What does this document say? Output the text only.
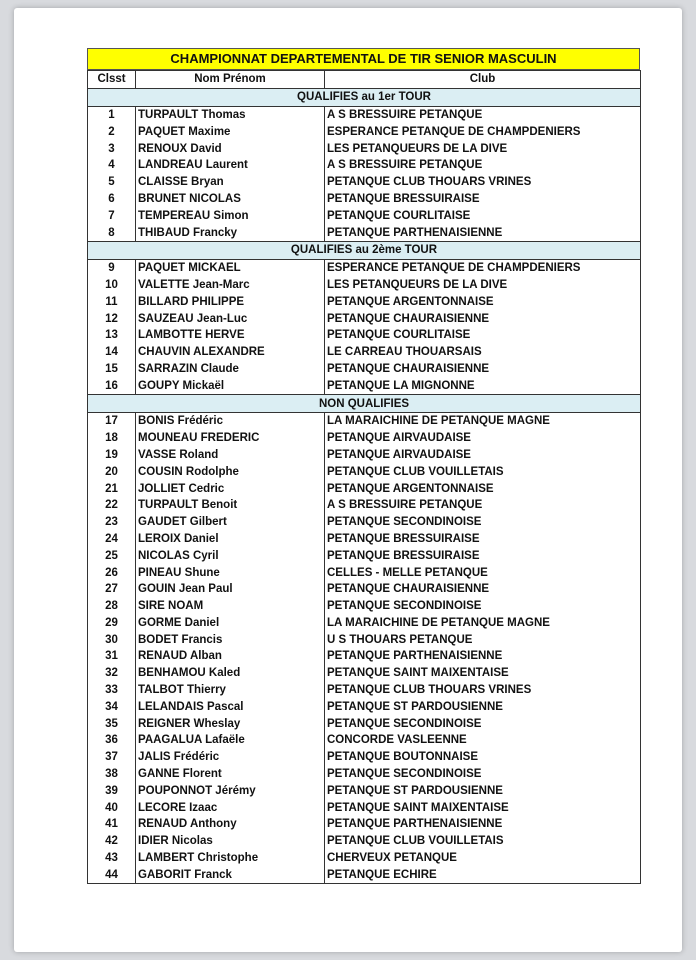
CHAMPIONNAT DEPARTEMENTAL DE TIR SENIOR MASCULIN
Clsst	Nom Prénom	Club
QUALIFIES au 1er TOUR		
1	TURPAULT Thomas	A S BRESSUIRE PETANQUE
2	PAQUET Maxime	ESPERANCE PETANQUE DE CHAMPDENIERS
3	RENOUX David	LES PETANQUEURS DE LA DIVE
4	LANDREAU Laurent	A S BRESSUIRE PETANQUE
5	CLAISSE Bryan	PETANQUE CLUB THOUARS VRINES
6	BRUNET NICOLAS	PETANQUE BRESSUIRAISE
7	TEMPEREAU Simon	PETANQUE COURLITAISE
8	THIBAUD Francky	PETANQUE PARTHENAISIENNE
QUALIFIES au 2ème TOUR		
9	PAQUET MICKAEL	ESPERANCE PETANQUE DE CHAMPDENIERS
10	VALETTE Jean-Marc	LES PETANQUEURS DE LA DIVE
11	BILLARD PHILIPPE	PETANQUE ARGENTONNAISE
12	SAUZEAU Jean-Luc	PETANQUE CHAURAISIENNE
13	LAMBOTTE HERVE	PETANQUE COURLITAISE
14	CHAUVIN ALEXANDRE	LE CARREAU THOUARSAIS
15	SARRAZIN Claude	PETANQUE CHAURAISIENNE
16	GOUPY Mickaël	PETANQUE LA MIGNONNE
NON QUALIFIES		
17	BONIS Frédéric	LA MARAICHINE DE PETANQUE MAGNE
18	MOUNEAU FREDERIC	PETANQUE AIRVAUDAISE
19	VASSE Roland	PETANQUE AIRVAUDAISE
20	COUSIN Rodolphe	PETANQUE CLUB VOUILLETAIS
21	JOLLIET Cedric	PETANQUE ARGENTONNAISE
22	TURPAULT Benoit	A S BRESSUIRE PETANQUE
23	GAUDET Gilbert	PETANQUE SECONDINOISE
24	LEROIX Daniel	PETANQUE BRESSUIRAISE
25	NICOLAS Cyril	PETANQUE BRESSUIRAISE
26	PINEAU Shune	CELLES - MELLE PETANQUE
27	GOUIN Jean Paul	PETANQUE CHAURAISIENNE
28	SIRE NOAM	PETANQUE SECONDINOISE
29	GORME Daniel	LA MARAICHINE DE PETANQUE MAGNE
30	BODET Francis	U S THOUARS PETANQUE
31	RENAUD Alban	PETANQUE PARTHENAISIENNE
32	BENHAMOU Kaled	PETANQUE SAINT MAIXENTAISE
33	TALBOT Thierry	PETANQUE CLUB THOUARS VRINES
34	LELANDAIS Pascal	PETANQUE ST PARDOUSIENNE
35	REIGNER Wheslay	PETANQUE SECONDINOISE
36	PAAGALUA Lafaële	CONCORDE VASLEENNE
37	JALIS Frédéric	PETANQUE BOUTONNAISE
38	GANNE Florent	PETANQUE SECONDINOISE
39	POUPONNOT Jérémy	PETANQUE ST PARDOUSIENNE
40	LECORE Izaac	PETANQUE SAINT MAIXENTAISE
41	RENAUD Anthony	PETANQUE PARTHENAISIENNE
42	IDIER Nicolas	PETANQUE CLUB VOUILLETAIS
43	LAMBERT Christophe	CHERVEUX PETANQUE
44	GABORIT Franck	PETANQUE ECHIRE
